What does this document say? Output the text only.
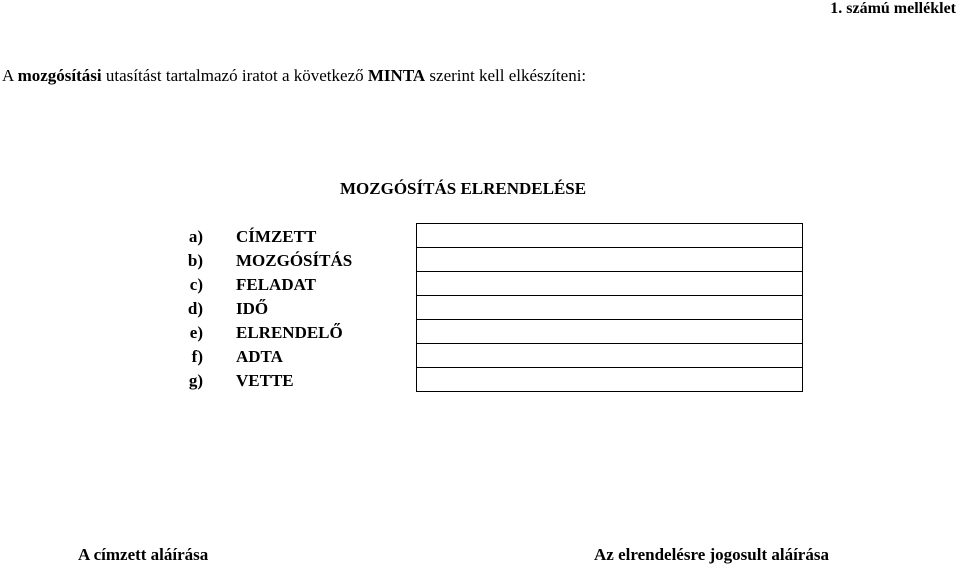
1. számú melléklet
A mozgósítási utasítást tartalmazó iratot a következő MINTA szerint kell elkészíteni:
MOZGÓSÍTÁS ELRENDELÉSE
a)		CÍMZETT	
b)		MOZGÓSÍTÁS	
c)		FELADAT	
d)		IDŐ	
e)		ELRENDELŐ	
f)		ADTA	
g)		VETTE	
A címzett aláírása	Az elrendelésre jogosult aláírása
